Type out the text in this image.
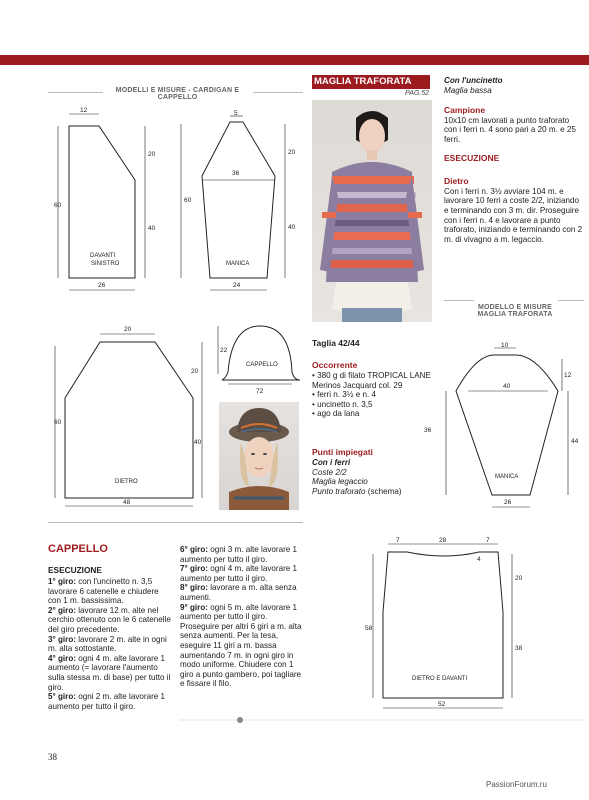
MODELLI E MISURE - CARDIGAN E CAPPELLO
12
60
20
40
26
DAVANTI
SINISTRO
5
36
60
20
40
24
MANICA
20
60
20
40
48
DIETRO
22
72
CAPPELLO
MAGLIA TRAFORATA
PAG.52
Taglia 42/44
Occorrente
• 380 g di filato TROPICAL LANE Merinos Jacquard col. 29
• ferri n. 3½ e n. 4
• uncinetto n. 3,5
• ago da lana
Punti impiegati
Con i ferri
Coste 2/2
Maglia legaccio
Punto traforato (schema)
Con l'uncinetto
Maglia bassa
Campione
10x10 cm lavorati a punto traforato con i ferri n. 4 sono pari a 20 m. e 25 ferri.
ESECUZIONE
Dietro
Con i ferri n. 3½ avviare 104 m. e lavorare 10 ferri a coste 2/2, iniziando e terminando con 3 m. dir. Proseguire con i ferri n. 4 e lavorare a punto traforato, iniziando e terminando con 2 m. di vivagno a m. legaccio.
MODELLO E MISURE
MAGLIA TRAFORATA
10
40
12
36
44
26
MANICA
7	28	7
4
58
20
38
52
DIETRO E DAVANTI
CAPPELLO
ESECUZIONE
1° giro: con l'uncinetto n. 3,5 lavorare 6 catenelle e chiudere con 1 m. bassissima.
2° giro: lavorare 12 m. alte nel cerchio ottenuto con le 6 catenelle del giro precedente.
3° giro: lavorare 2 m. alte in ogni m. alta sottostante.
4° giro: ogni 4 m. alte lavorare 1 aumento (= lavorare l'aumento sulla stessa m. di base) per tutto il giro.
5° giro: ogni 2 m. alte lavorare 1 aumento per tutto il giro.
6° giro: ogni 3 m. alte lavorare 1 aumento per tutto il giro.
7° giro: ogni 4 m. alte lavorare 1 aumento per tutto il giro.
8° giro: lavorare a m. alta senza aumenti.
9° giro: ogni 5 m. alte lavorare 1 aumento per tutto il giro.
Proseguire per altri 6 giri a m. alta senza aumenti. Per la tesa, eseguire 11 giri a m. bassa aumentando 7 m. in ogni giro in modo uniforme. Chiudere con 1 giro a punto gambero, poi tagliare e fissare il filo.
38
PassionForum.ru
